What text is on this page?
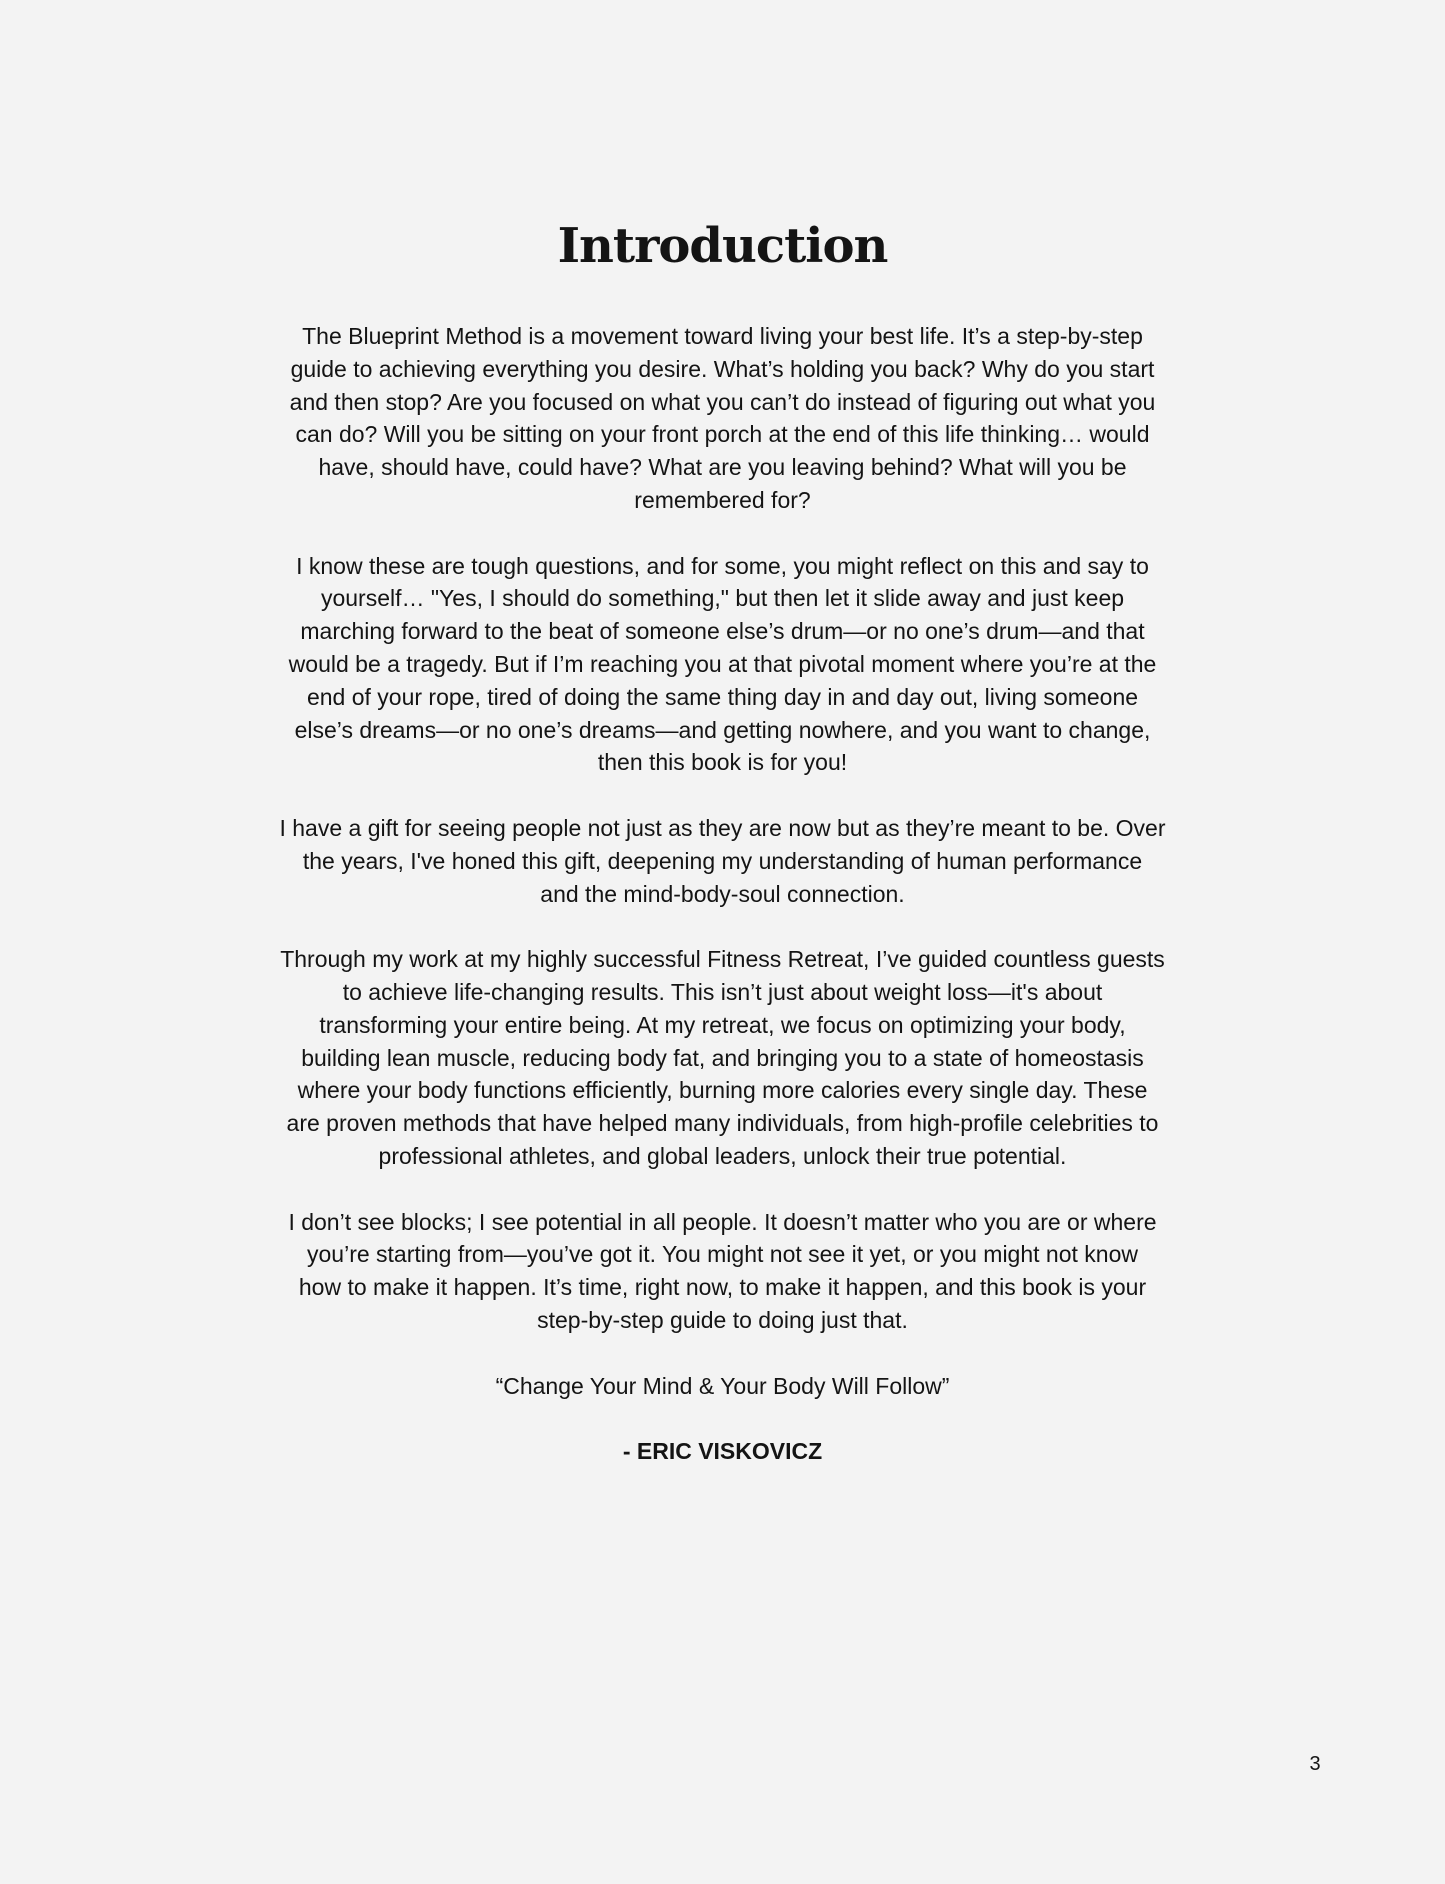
Introduction

The Blueprint Method is a movement toward living your best life. It’s a step-by-step
guide to achieving everything you desire. What’s holding you back? Why do you start
and then stop? Are you focused on what you can’t do instead of figuring out what you
can do? Will you be sitting on your front porch at the end of this life thinking… would
have, should have, could have? What are you leaving behind? What will you be
remembered for?

I know these are tough questions, and for some, you might reflect on this and say to
yourself… "Yes, I should do something," but then let it slide away and just keep
marching forward to the beat of someone else’s drum—or no one’s drum—and that
would be a tragedy. But if I’m reaching you at that pivotal moment where you’re at the
end of your rope, tired of doing the same thing day in and day out, living someone
else’s dreams—or no one’s dreams—and getting nowhere, and you want to change,
then this book is for you!

I have a gift for seeing people not just as they are now but as they’re meant to be. Over
the years, I've honed this gift, deepening my understanding of human performance
and the mind-body-soul connection.

Through my work at my highly successful Fitness Retreat, I’ve guided countless guests
to achieve life-changing results. This isn’t just about weight loss—it's about
transforming your entire being. At my retreat, we focus on optimizing your body,
building lean muscle, reducing body fat, and bringing you to a state of homeostasis
where your body functions efficiently, burning more calories every single day. These
are proven methods that have helped many individuals, from high-profile celebrities to
professional athletes, and global leaders, unlock their true potential.

I don’t see blocks; I see potential in all people. It doesn’t matter who you are or where
you’re starting from—you’ve got it. You might not see it yet, or you might not know
how to make it happen. It’s time, right now, to make it happen, and this book is your
step-by-step guide to doing just that.

“Change Your Mind & Your Body Will Follow”

- ERIC VISKOVICZ

3
